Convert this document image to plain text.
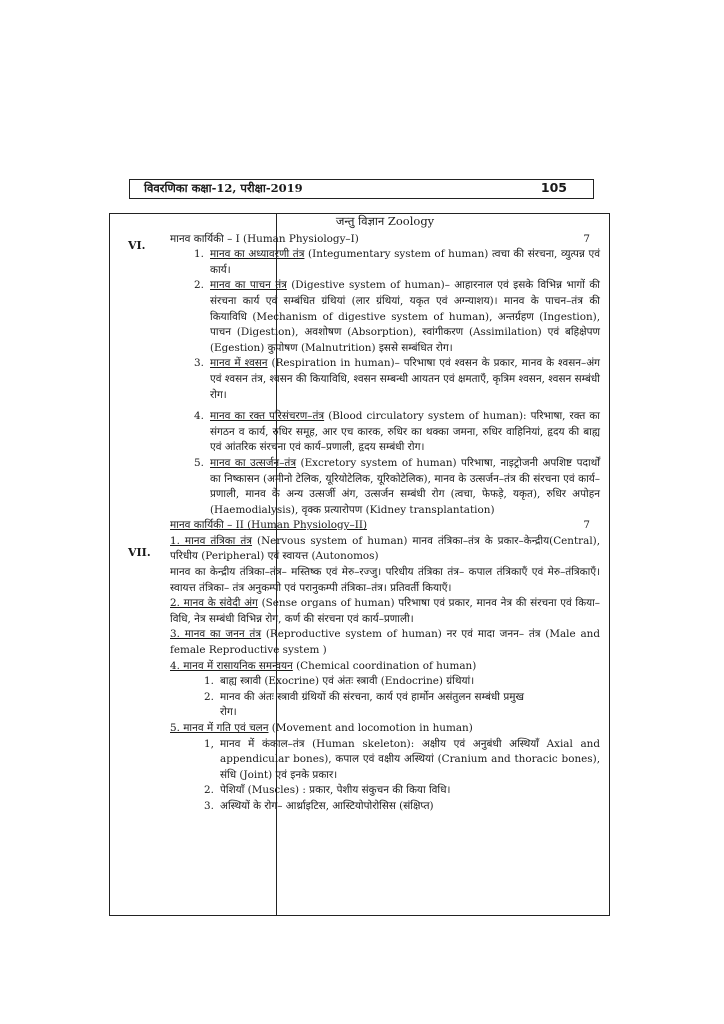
विवरणिका कक्षा-12, परीक्षा-2019	105
VI.
VII.
जन्तु विज्ञान Zoology
मानव कार्यिकी – I (Human Physiology–I)	7
1. मानव का अध्यावरणी तंत्र (Integumentary system of human) त्वचा की संरचना, व्युत्पन्न एवं कार्य।
2. मानव का पाचन तंत्र (Digestive system of human)– आहारनाल एवं इसके विभिन्न भागों की संरचना कार्य एवं सम्बंधित ग्रंथियां (लार ग्रंथियां, यकृत एवं अग्न्याशय)। मानव के पाचन–तंत्र की कियाविधि (Mechanism of digestive system of human), अन्तर्ग्रहण (Ingestion), पाचन (Digestion), अवशोषण (Absorption), स्वांगीकरण (Assimilation) एवं बहिक्षेपण (Egestion) कुपोषण (Malnutrition) इससे सम्बंधित रोग।
3. मानव में श्वसन (Respiration in human)– परिभाषा एवं श्वसन के प्रकार, मानव के श्वसन–अंग एवं श्वसन तंत्र, श्वसन की कियाविधि, श्वसन सम्बन्धी आयतन एवं क्षमताएँ, कृत्रिम श्वसन, श्वसन सम्बंधी रोग।
4. मानव का रक्त परिसंचरण–तंत्र (Blood circulatory system of human): परिभाषा, रक्त का संगठन व कार्य, रुधिर समूह, आर एच कारक, रुधिर का थक्का जमना, रुधिर वाहिनियां, हृदय की बाह्य एवं आंतरिक संरचना एवं कार्य–प्रणाली, हृदय सम्बंधी रोग।
5. मानव का उत्सर्जन–तंत्र (Excretory system of human) परिभाषा, नाइट्रोजनी अपशिष्ट पदार्थों का निष्कासन (अमीनो टेलिक, यूरियोटेलिक, यूरिकोटेलिक), मानव के उत्सर्जन–तंत्र की संरचना एवं कार्य–प्रणाली, मानव के अन्य उत्सर्जी अंग, उत्सर्जन सम्बंधी रोग (त्वचा, फेफड़े, यकृत), रुधिर अपोहन (Haemodialysis), वृक्क प्रत्यारोपण (Kidney transplantation)
मानव कार्यिकी – II (Human Physiology–II)	7
1. मानव तंत्रिका तंत्र (Nervous system of human) मानव तंत्रिका–तंत्र के प्रकार–केन्द्रीय(Central), परिधीय (Peripheral) एवं स्वायत्त (Autonomos)
मानव का केन्द्रीय तंत्रिका–तंत्र– मस्तिष्क एवं मेरु–रज्जु। परिधीय तंत्रिका तंत्र– कपाल तंत्रिकाएँ एवं मेरु–तंत्रिकाएँ। स्वायत्त तंत्रिका– तंत्र अनुकम्पी एवं परानुकम्पी तंत्रिका–तंत्र। प्रतिवर्ती कियाएँ।
2. मानव के संवेदी अंग (Sense organs of human) परिभाषा एवं प्रकार, मानव नेत्र की संरचना एवं किया–विधि, नेत्र सम्बंधी विभिन्न रोग, कर्ण की संरचना एवं कार्य–प्रणाली।
3. मानव का जनन तंत्र (Reproductive system of human) नर एवं मादा जनन– तंत्र (Male and female Reproductive system )
4. मानव में रासायनिक समन्वयन (Chemical coordination of human)
1. बाह्य स्त्रावी (Exocrine) एवं अंतः स्त्रावी (Endocrine) ग्रंथियां।
2. मानव की अंतः स्त्रावी ग्रंथियों की संरचना, कार्य एवं हार्मोन असंतुलन सम्बंधी प्रमुख रोग।
5. मानव में गति एवं चलन (Movement and locomotion in human)
1, मानव में कंकाल–तंत्र (Human skeleton): अक्षीय एवं अनुबंधी अस्थियाँ Axial and appendicular bones), कपाल एवं वक्षीय अस्थियां (Cranium and thoracic bones), संधि (Joint) एवं इनके प्रकार।
2. पेशियाँ (Muscles) : प्रकार, पेशीय संकुचन की किया विधि।
3. अस्थियों के रोग– आर्थ्राइटिस, आस्टियोपोरोसिस (संक्षिप्त)
